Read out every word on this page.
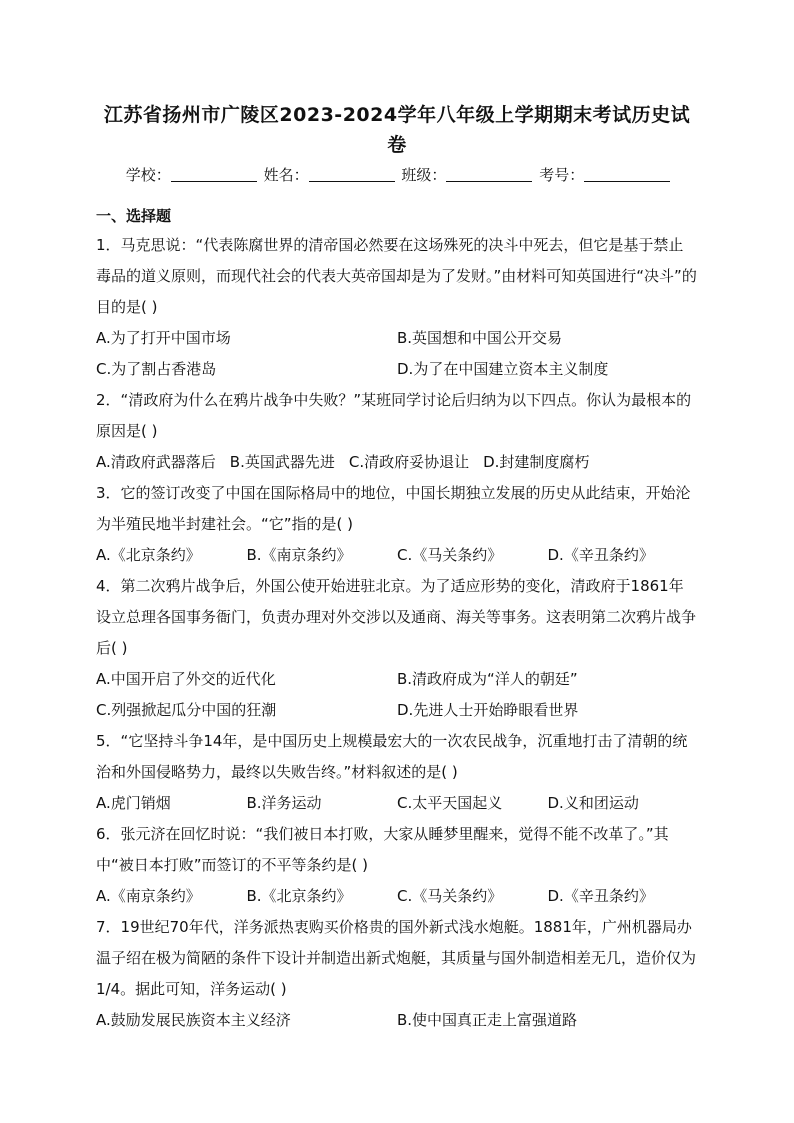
江苏省扬州市广陵区2023-2024学年八年级上学期期末考试历史试卷
学校：	姓名：	班级：	考号：
一、选择题

1．马克思说：“代表陈腐世界的清帝国必然要在这场殊死的决斗中死去，但它是基于禁止毒品的道义原则，而现代社会的代表大英帝国却是为了发财。”由材料可知英国进行“决斗”的目的是( )

A.为了打开中国市场	B.英国想和中国公开交易
C.为了割占香港岛	D.为了在中国建立资本主义制度

2．“清政府为什么在鸦片战争中失败？”某班同学讨论后归纳为以下四点。你认为最根本的原因是( )

A.清政府武器落后 B.英国武器先进 C.清政府妥协退让 D.封建制度腐朽

3．它的签订改变了中国在国际格局中的地位，中国长期独立发展的历史从此结束，开始沦为半殖民地半封建社会。“它”指的是( )

A.《北京条约》	B.《南京条约》	C.《马关条约》	D.《辛丑条约》

4．第二次鸦片战争后，外国公使开始进驻北京。为了适应形势的变化，清政府于1861年设立总理各国事务衙门，负责办理对外交涉以及通商、海关等事务。这表明第二次鸦片战争后( )

A.中国开启了外交的近代化	B.清政府成为“洋人的朝廷”
C.列强掀起瓜分中国的狂潮	D.先进人士开始睁眼看世界

5．“它坚持斗争14年，是中国历史上规模最宏大的一次农民战争，沉重地打击了清朝的统治和外国侵略势力，最终以失败告终。”材料叙述的是( )

A.虎门销烟	B.洋务运动	C.太平天国起义	D.义和团运动

6．张元济在回忆时说：“我们被日本打败，大家从睡梦里醒来，觉得不能不改革了。”其中“被日本打败”而签订的不平等条约是( )

A.《南京条约》	B.《北京条约》	C.《马关条约》	D.《辛丑条约》

7．19世纪70年代，洋务派热衷购买价格贵的国外新式浅水炮艇。1881年，广州机器局办温子绍在极为简陋的条件下设计并制造出新式炮艇，其质量与国外制造相差无几，造价仅为1/4。据此可知，洋务运动( )

A.鼓励发展民族资本主义经济	B.使中国真正走上富强道路
